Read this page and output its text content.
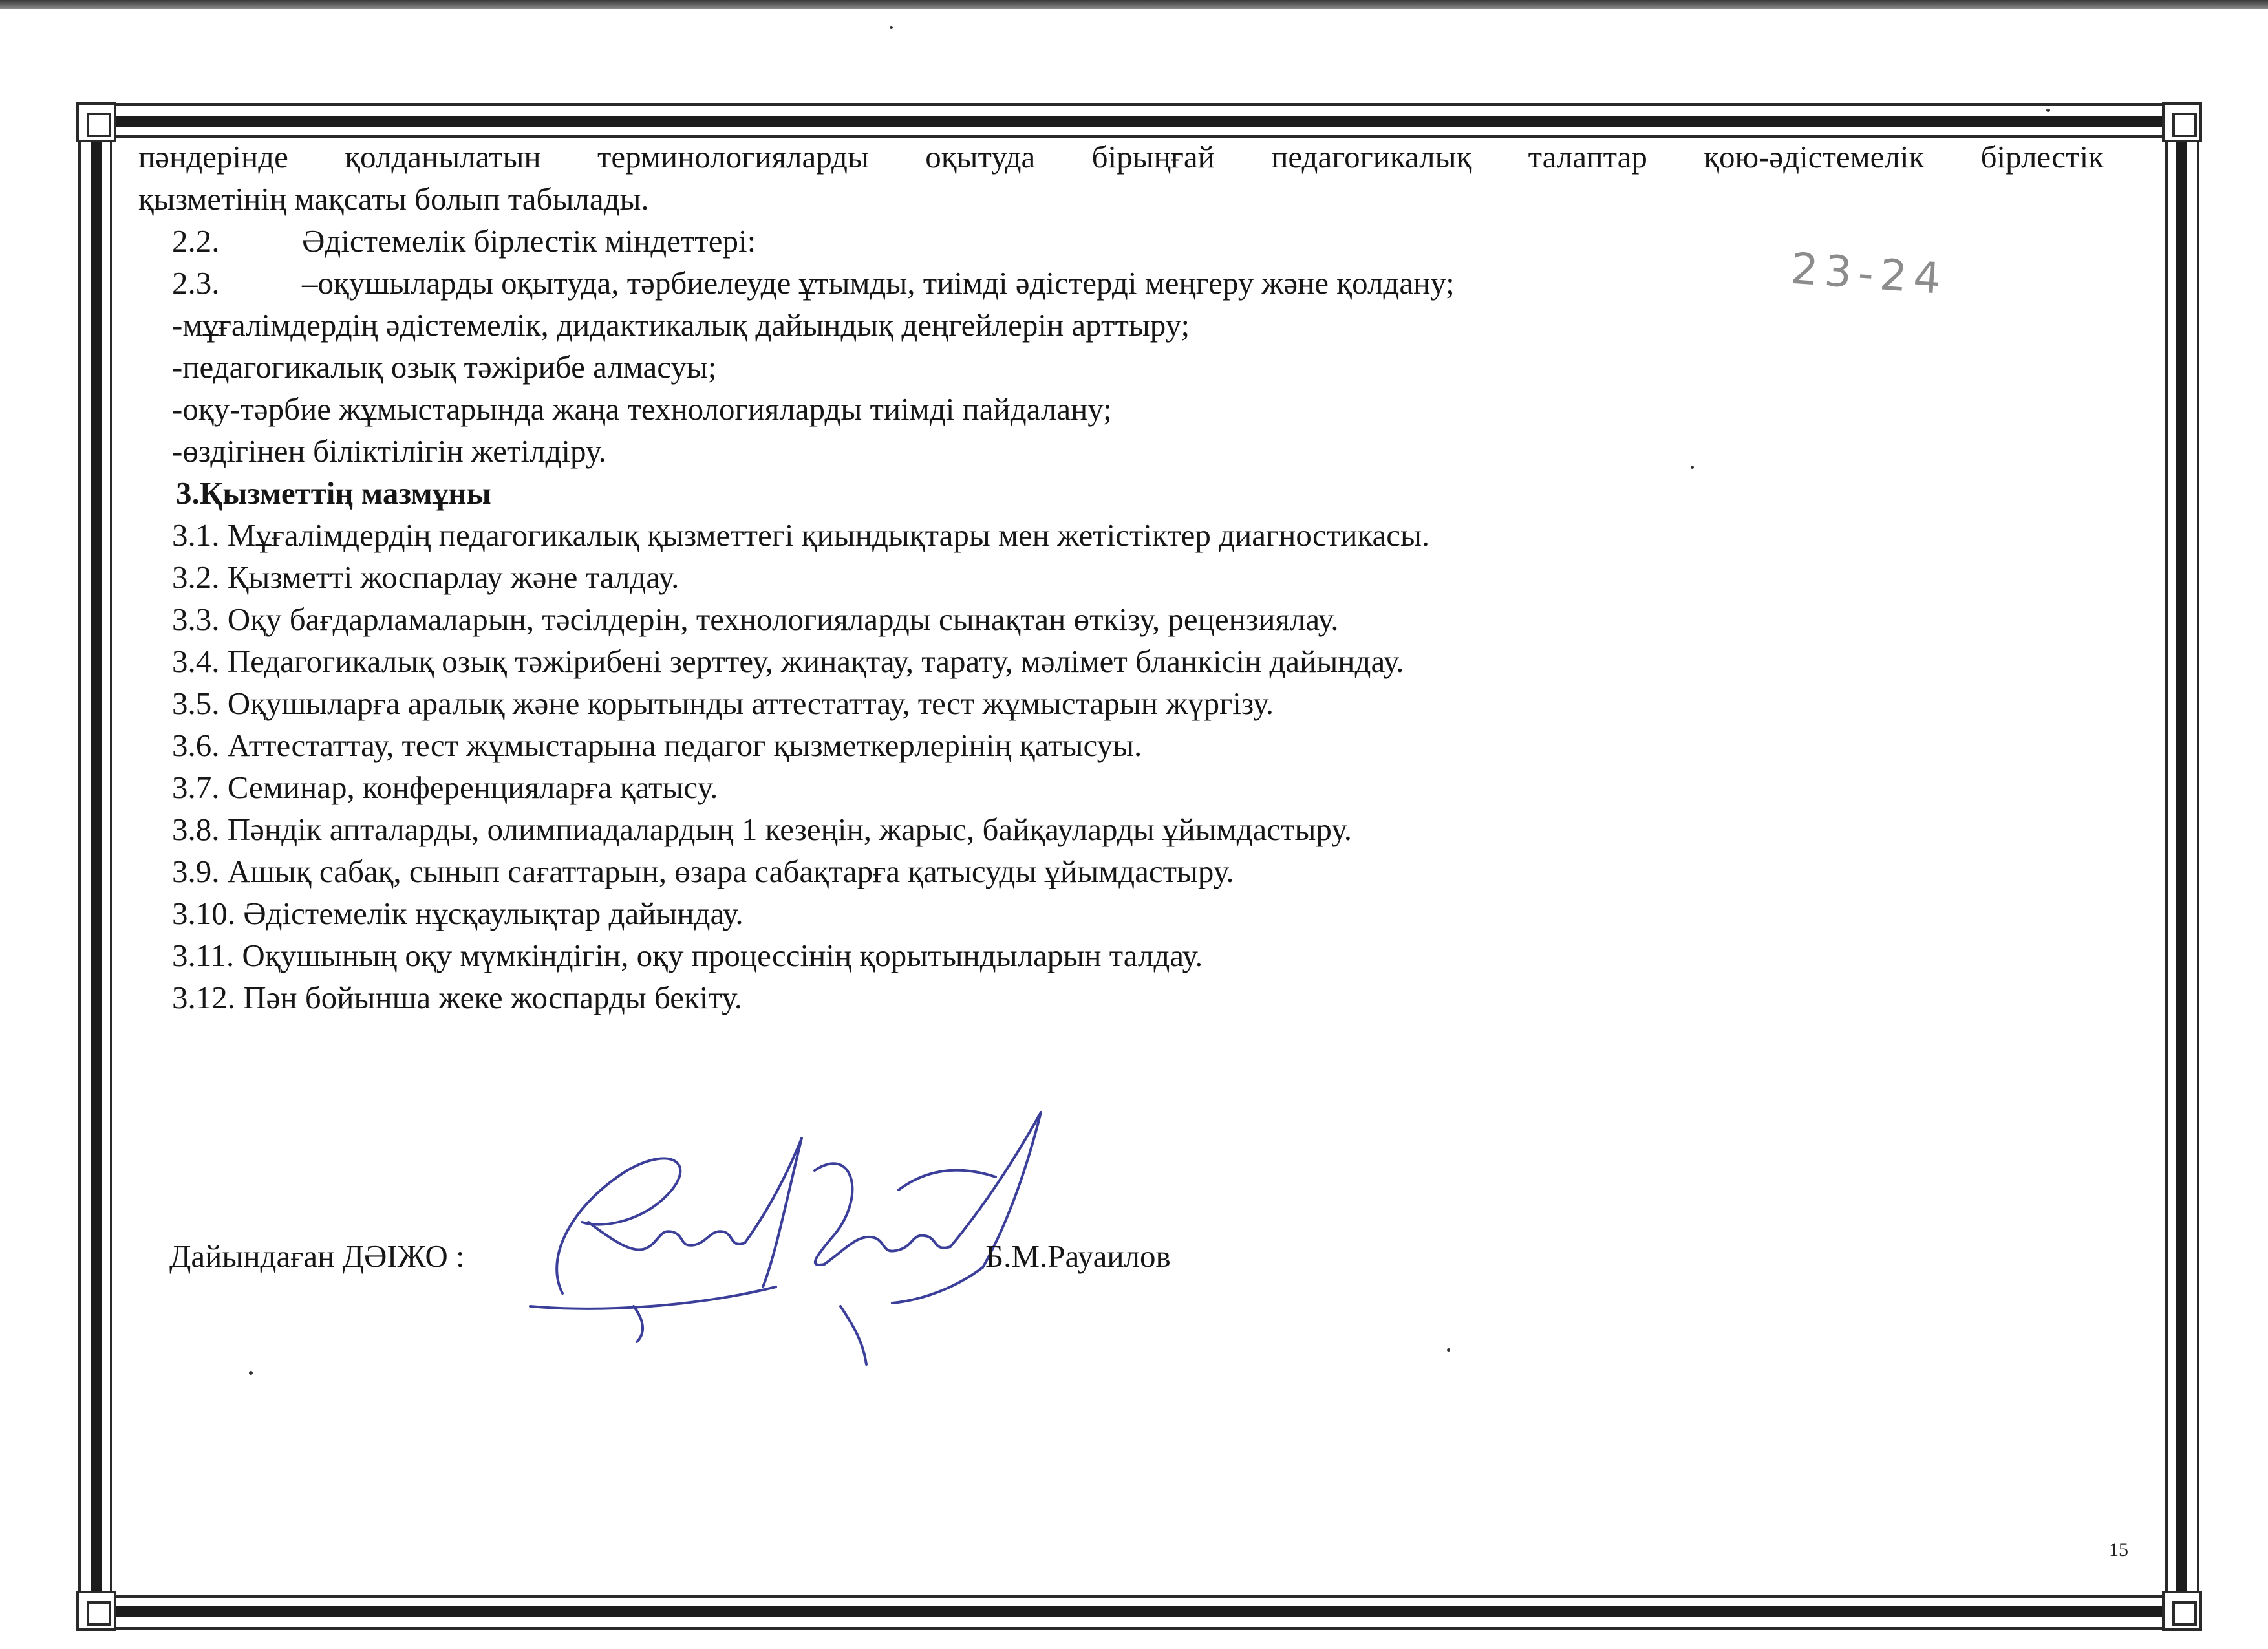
пәндерінде қолданылатын терминологияларды оқытуда бірыңғай педагогикалық талаптар қою-әдістемелік бірлестік
қызметінің мақсаты болып табылады.
2.2.	Әдістемелік бірлестік міндеттері:
2.3.	–оқушыларды оқытуда, тәрбиелеуде ұтымды, тиімді әдістерді меңгеру және қолдану;
-мұғалімдердің әдістемелік, дидактикалық дайындық деңгейлерін арттыру;
-педагогикалық озық тәжірибе алмасуы;
-оқу-тәрбие жұмыстарында жаңа технологияларды тиімді пайдалану;
-өздігінен біліктілігін жетілдіру.
3.Қызметтің мазмұны
3.1. Мұғалімдердің педагогикалық қызметтегі қиындықтары мен жетістіктер диагностикасы.
3.2. Қызметті жоспарлау және талдау.
3.3. Оқу бағдарламаларын, тәсілдерін, технологияларды сынақтан өткізу, рецензиялау.
3.4. Педагогикалық озық тәжірибені зерттеу, жинақтау, тарату, мәлімет бланкісін дайындау.
3.5. Оқушыларға аралық және корытынды аттестаттау, тест жұмыстарын жүргізу.
3.6. Аттестаттау, тест жұмыстарына педагог қызметкерлерінің қатысуы.
3.7. Семинар, конференцияларға қатысу.
3.8. Пәндік апталарды, олимпиадалардың 1 кезеңін, жарыс, байқауларды ұйымдастыру.
3.9. Ашық сабақ, сынып сағаттарын, өзара сабақтарға қатысуды ұйымдастыру.
3.10. Әдістемелік нұсқаулықтар дайындау.
3.11. Оқушының оқу мүмкіндігін, оқу процессінің қорытындыларын талдау.
3.12. Пән бойынша жеке жоспарды бекіту.
23-24
Дайындаған ДӘІЖО :	Б.М.Рауаилов
15
